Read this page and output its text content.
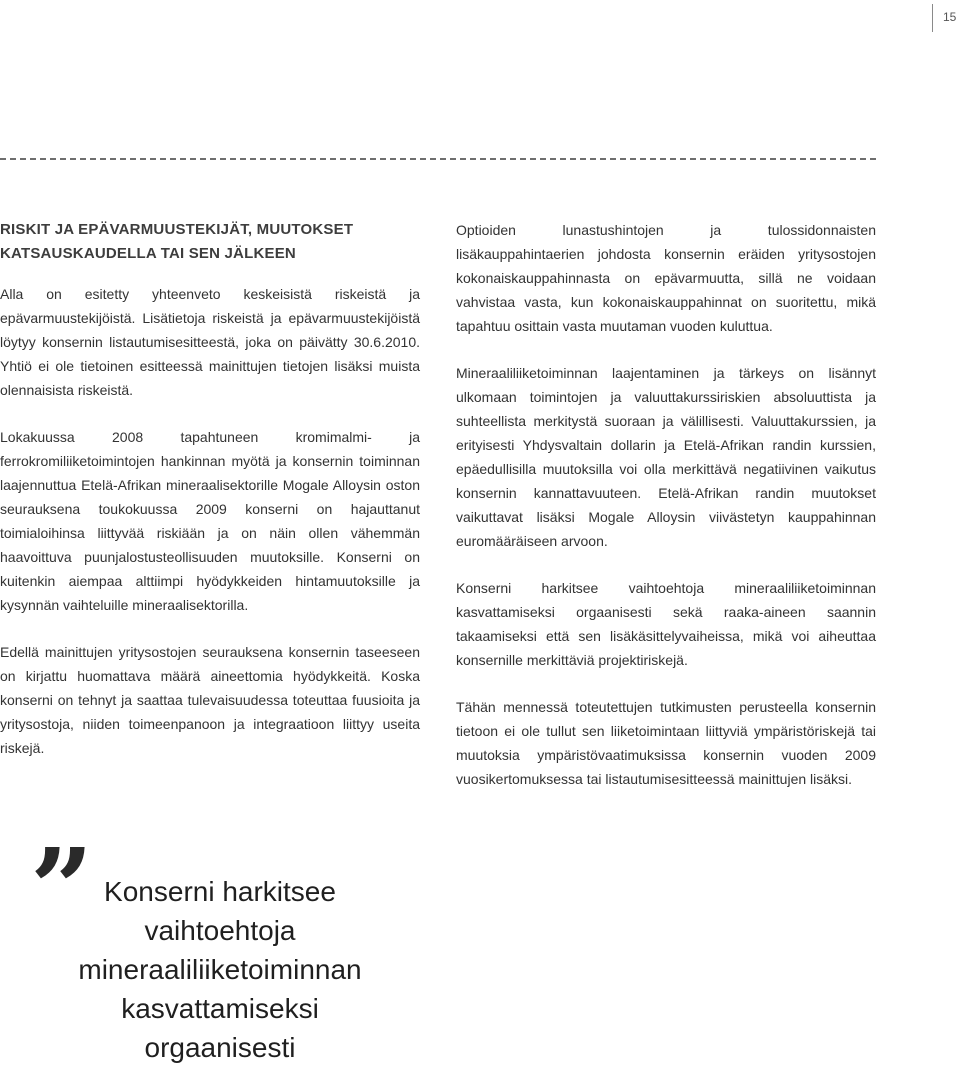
15
RISKIT JA EPÄVARMUUSTEKIJÄT, MUUTOKSET
KATSAUSKAUDELLA TAI SEN JÄLKEEN

Alla on esitetty yhteenveto keskeisistä riskeistä ja epävarmuustekijöistä. Lisätietoja riskeistä ja epävarmuustekijöistä löytyy konsernin listautumisesitteestä, joka on päivätty 30.6.2010. Yhtiö ei ole tietoinen esitteessä mainittujen tietojen lisäksi muista olennaisista riskeistä.

Lokakuussa 2008 tapahtuneen kromimalmi- ja ferrokromiliiketoimintojen hankinnan myötä ja konsernin toiminnan laajennuttua Etelä-Afrikan mineraalisektorille Mogale Alloysin oston seurauksena toukokuussa 2009 konserni on hajauttanut toimialoihinsa liittyvää riskiään ja on näin ollen vähemmän haavoittuva puunjalostusteollisuuden muutoksille. Konserni on kuitenkin aiempaa alttiimpi hyödykkeiden hintamuutoksille ja kysynnän vaihteluille mineraalisektorilla.

Edellä mainittujen yritysostojen seurauksena konsernin taseeseen on kirjattu huomattava määrä aineettomia hyödykkeitä. Koska konserni on tehnyt ja saattaa tulevaisuudessa toteuttaa fuusioita ja yritysostoja, niiden toimeenpanoon ja integraatioon liittyy useita riskejä.

Optioiden lunastushintojen ja tulossidonnaisten lisäkauppahintaerien johdosta konsernin eräiden yritysostojen kokonaiskauppahinnasta on epävarmuutta, sillä ne voidaan vahvistaa vasta, kun kokonaiskauppahinnat on suoritettu, mikä tapahtuu osittain vasta muutaman vuoden kuluttua.

Mineraaliliiketoiminnan laajentaminen ja tärkeys on lisännyt ulkomaan toimintojen ja valuuttakurssiriskien absoluuttista ja suhteellista merkitystä suoraan ja välillisesti. Valuuttakurssien, ja erityisesti Yhdysvaltain dollarin ja Etelä-Afrikan randin kurssien, epäedullisilla muutoksilla voi olla merkittävä negatiivinen vaikutus konsernin kannattavuuteen. Etelä-Afrikan randin muutokset vaikuttavat lisäksi Mogale Alloysin viivästetyn kauppahinnan euromääräiseen arvoon.

Konserni harkitsee vaihtoehtoja mineraaliliiketoiminnan kasvattamiseksi orgaanisesti sekä raaka-aineen saannin takaamiseksi että sen lisäkäsittelyvaiheissa, mikä voi aiheuttaa konsernille merkittäviä projektiriskejä.

Tähän mennessä toteutettujen tutkimusten perusteella konsernin tietoon ei ole tullut sen liiketoimintaan liittyviä ympäristöriskejä tai muutoksia ympäristövaatimuksissa konsernin vuoden 2009 vuosikertomuksessa tai listautumisesitteessä mainittujen lisäksi.

” Konserni harkitsee
vaihtoehtoja
mineraaliliiketoiminnan
kasvattamiseksi
orgaanisesti
